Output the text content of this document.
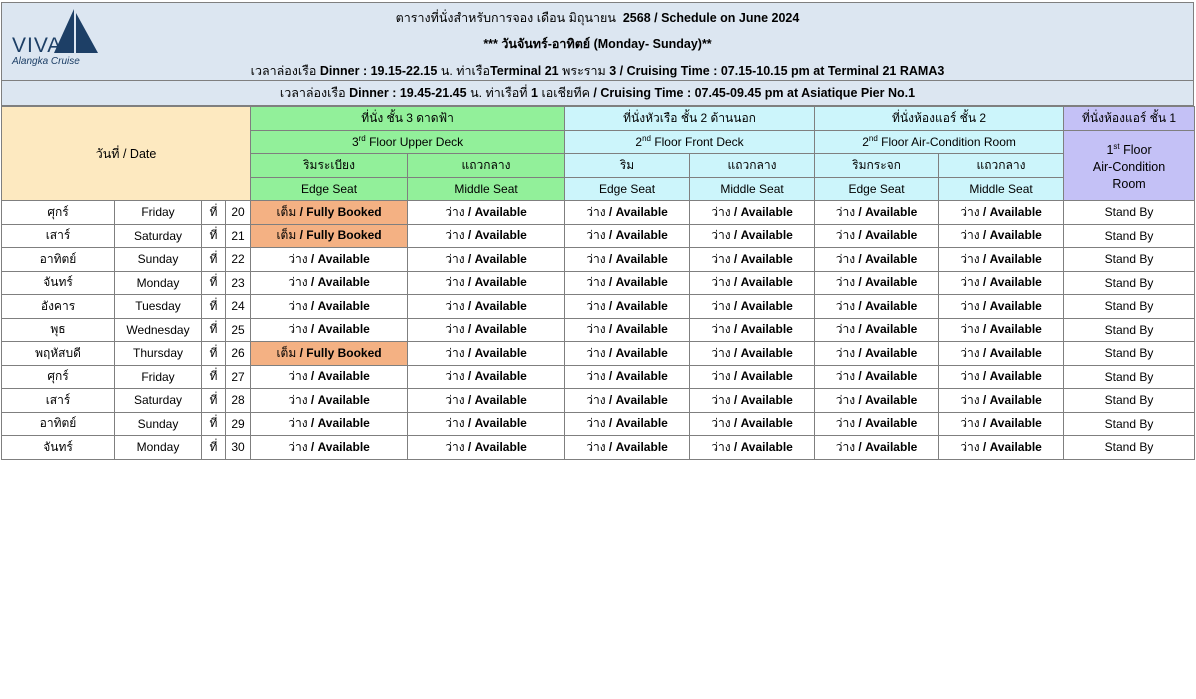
VIVA
Alangka Cruise
ตารางที่นั่งสำหรับการจอง เดือน มิถุนายน 2568 / Schedule on June 2024
*** วันจันทร์-อาทิตย์ (Monday- Sunday)**
เวลาล่องเรือ Dinner : 19.15-22.15 น. ท่าเรือTerminal 21 พระราม 3 / Cruising Time : 07.15-10.15 pm at Terminal 21 RAMA3
เวลาล่องเรือ Dinner : 19.45-21.45 น. ท่าเรือที่ 1 เอเชียทีค / Cruising Time : 07.45-09.45 pm at Asiatique Pier No.1
วันที่ / Date				ที่นั่ง ชั้น 3 ดาดฟ้า		ที่นั่งหัวเรือ ชั้น 2 ด้านนอก		ที่นั่งห้องแอร์ ชั้น 2		ที่นั่งห้องแอร์ ชั้น 1
				3rd Floor Upper Deck		2nd Floor Front Deck		2nd Floor Air-Condition Room		1st Floor
Air-Condition
Room
				ริมระเบียง	แถวกลาง	ริม	แถวกลาง	ริมกระจก	แถวกลาง	
				Edge Seat	Middle Seat	Edge Seat	Middle Seat	Edge Seat	Middle Seat	
ศุกร์	Friday	ที่	20	เต็ม / Fully Booked	ว่าง / Available	ว่าง / Available	ว่าง / Available	ว่าง / Available	ว่าง / Available	Stand By
เสาร์	Saturday	ที่	21	เต็ม / Fully Booked	ว่าง / Available	ว่าง / Available	ว่าง / Available	ว่าง / Available	ว่าง / Available	Stand By
อาทิตย์	Sunday	ที่	22	ว่าง / Available	ว่าง / Available	ว่าง / Available	ว่าง / Available	ว่าง / Available	ว่าง / Available	Stand By
จันทร์	Monday	ที่	23	ว่าง / Available	ว่าง / Available	ว่าง / Available	ว่าง / Available	ว่าง / Available	ว่าง / Available	Stand By
อังคาร	Tuesday	ที่	24	ว่าง / Available	ว่าง / Available	ว่าง / Available	ว่าง / Available	ว่าง / Available	ว่าง / Available	Stand By
พุธ	Wednesday	ที่	25	ว่าง / Available	ว่าง / Available	ว่าง / Available	ว่าง / Available	ว่าง / Available	ว่าง / Available	Stand By
พฤหัสบดี	Thursday	ที่	26	เต็ม / Fully Booked	ว่าง / Available	ว่าง / Available	ว่าง / Available	ว่าง / Available	ว่าง / Available	Stand By
ศุกร์	Friday	ที่	27	ว่าง / Available	ว่าง / Available	ว่าง / Available	ว่าง / Available	ว่าง / Available	ว่าง / Available	Stand By
เสาร์	Saturday	ที่	28	ว่าง / Available	ว่าง / Available	ว่าง / Available	ว่าง / Available	ว่าง / Available	ว่าง / Available	Stand By
อาทิตย์	Sunday	ที่	29	ว่าง / Available	ว่าง / Available	ว่าง / Available	ว่าง / Available	ว่าง / Available	ว่าง / Available	Stand By
จันทร์	Monday	ที่	30	ว่าง / Available	ว่าง / Available	ว่าง / Available	ว่าง / Available	ว่าง / Available	ว่าง / Available	Stand By
